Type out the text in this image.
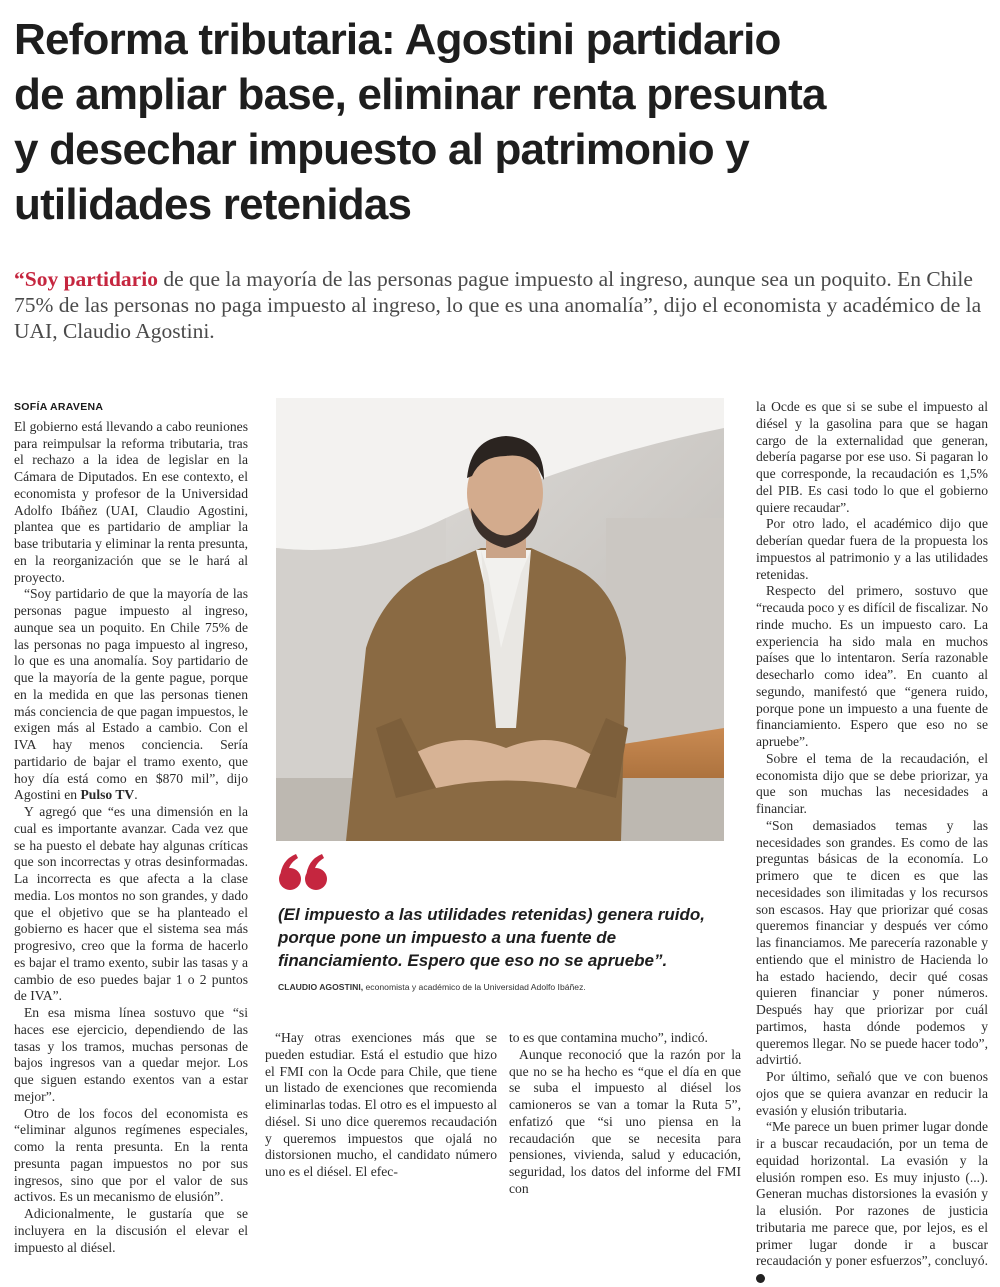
Reforma tributaria: Agostini partidario
de ampliar base, eliminar renta presunta
y desechar impuesto al patrimonio y
utilidades retenidas

“Soy partidario de que la mayoría de las personas pague impuesto al ingreso, aunque sea un poquito. En Chile 75% de las personas no paga impuesto al ingreso, lo que es una anomalía”, dijo el economista y académico de la UAI, Claudio Agostini.

SOFÍA ARAVENA

El gobierno está llevando a cabo reuniones para reimpulsar la reforma tributaria, tras el rechazo a la idea de legislar en la Cámara de Diputados. En ese contexto, el economista y profesor de la Universidad Adolfo Ibáñez (UAI, Claudio Agostini, plantea que es partidario de ampliar la base tributaria y eliminar la renta presunta, en la reorganización que se le hará al proyecto.

“Soy partidario de que la mayoría de las personas pague impuesto al ingreso, aunque sea un poquito. En Chile 75% de las personas no paga impuesto al ingreso, lo que es una anomalía. Soy partidario de que la mayoría de la gente pague, porque en la medida en que las personas tienen más conciencia de que pagan impuestos, le exigen más al Estado a cambio. Con el IVA hay menos conciencia. Sería partidario de bajar el tramo exento, que hoy día está como en $870 mil”, dijo Agostini en Pulso TV.

Y agregó que “es una dimensión en la cual es importante avanzar. Cada vez que se ha puesto el debate hay algunas críticas que son incorrectas y otras desinformadas. La incorrecta es que afecta a la clase media. Los montos no son grandes, y dado que el objetivo que se ha planteado el gobierno es hacer que el sistema sea más progresivo, creo que la forma de hacerlo es bajar el tramo exento, subir las tasas y a cambio de eso puedes bajar 1 o 2 puntos de IVA”.

En esa misma línea sostuvo que “si haces ese ejercicio, dependiendo de las tasas y los tramos, muchas personas de bajos ingresos van a quedar mejor. Los que siguen estando exentos van a estar mejor”.

Otro de los focos del economista es “eliminar algunos regímenes especiales, como la renta presunta. En la renta presunta pagan impuestos no por sus ingresos, sino que por el valor de sus activos. Es un mecanismo de elusión”.

Adicionalmente, le gustaría que se incluyera en la discusión el elevar el impuesto al diésel.

(El impuesto a las utilidades retenidas) genera ruido, porque pone un impuesto a una fuente de financiamiento. Espero que eso no se apruebe”.

CLAUDIO AGOSTINI, economista y académico de la Universidad Adolfo Ibáñez.

“Hay otras exenciones más que se pueden estudiar. Está el estudio que hizo el FMI con la Ocde para Chile, que tiene un listado de exenciones que recomienda eliminarlas todas. El otro es el impuesto al diésel. Si uno dice queremos recaudación y queremos impuestos que ojalá no distorsionen mucho, el candidato número uno es el diésel. El efec-

to es que contamina mucho”, indicó.

Aunque reconoció que la razón por la que no se ha hecho es “que el día en que se suba el impuesto al diésel los camioneros se van a tomar la Ruta 5”, enfatizó que “si uno piensa en la recaudación que se necesita para pensiones, vivienda, salud y educación, seguridad, los datos del informe del FMI con

la Ocde es que si se sube el impuesto al diésel y la gasolina para que se hagan cargo de la externalidad que generan, debería pagarse por ese uso. Si pagaran lo que corresponde, la recaudación es 1,5% del PIB. Es casi todo lo que el gobierno quiere recaudar”.

Por otro lado, el académico dijo que deberían quedar fuera de la propuesta los impuestos al patrimonio y a las utilidades retenidas.

Respecto del primero, sostuvo que “recauda poco y es difícil de fiscalizar. No rinde mucho. Es un impuesto caro. La experiencia ha sido mala en muchos países que lo intentaron. Sería razonable desecharlo como idea”. En cuanto al segundo, manifestó que “genera ruido, porque pone un impuesto a una fuente de financiamiento. Espero que eso no se apruebe”.

Sobre el tema de la recaudación, el economista dijo que se debe priorizar, ya que son muchas las necesidades a financiar.

“Son demasiados temas y las necesidades son grandes. Es como de las preguntas básicas de la economía. Lo primero que te dicen es que las necesidades son ilimitadas y los recursos son escasos. Hay que priorizar qué cosas queremos financiar y después ver cómo las financiamos. Me parecería razonable y entiendo que el ministro de Hacienda lo ha estado haciendo, decir qué cosas quieren financiar y poner números. Después hay que priorizar por cuál partimos, hasta dónde podemos y queremos llegar. No se puede hacer todo”, advirtió.

Por último, señaló que ve con buenos ojos que se quiera avanzar en reducir la evasión y elusión tributaria.

“Me parece un buen primer lugar donde ir a buscar recaudación, por un tema de equidad horizontal. La evasión y la elusión rompen eso. Es muy injusto (...). Generan muchas distorsiones la evasión y la elusión. Por razones de justicia tributaria me parece que, por lejos, es el primer lugar donde ir a buscar recaudación y poner esfuerzos”, concluyó. P
